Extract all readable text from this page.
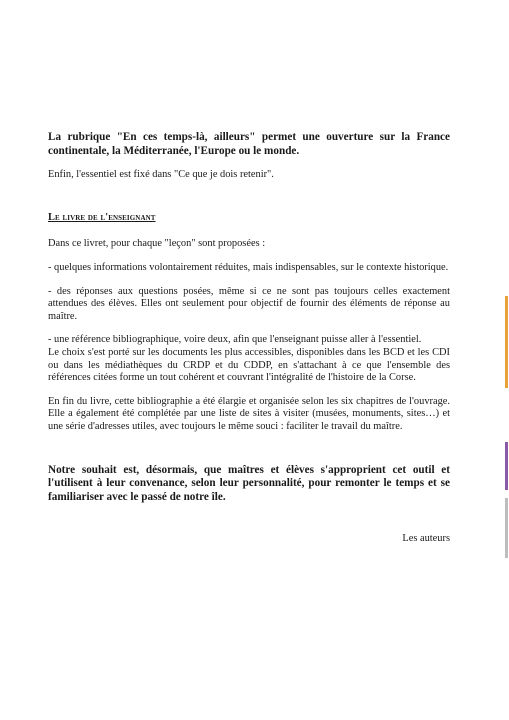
La rubrique "En ces temps-là, ailleurs" permet une ouverture sur la France continentale, la Méditerranée, l'Europe ou le monde.

Enfin, l'essentiel est fixé dans "Ce que je dois retenir".

Le livre de l'enseignant

Dans ce livret, pour chaque "leçon" sont proposées :

- quelques informations volontairement réduites, mais indispensables, sur le contexte historique.

- des réponses aux questions posées, même si ce ne sont pas toujours celles exactement attendues des élèves. Elles ont seulement pour objectif de fournir des éléments de réponse au maître.

- une référence bibliographique, voire deux, afin que l'enseignant puisse aller à l'essentiel.

Le choix s'est porté sur les documents les plus accessibles, disponibles dans les BCD et les CDI ou dans les médiathèques du CRDP et du CDDP, en s'attachant à ce que l'ensemble des références citées forme un tout cohérent et couvrant l'intégralité de l'histoire de la Corse.

En fin du livre, cette bibliographie a été élargie et organisée selon les six chapitres de l'ouvrage. Elle a également été complétée par une liste de sites à visiter (musées, monuments, sites…) et une série d'adresses utiles, avec toujours le même souci : faciliter le travail du maître.

Notre souhait est, désormais, que maîtres et élèves s'approprient cet outil et l'utilisent à leur convenance, selon leur personnalité, pour remonter le temps et se familiariser avec le passé de notre île.

Les auteurs
